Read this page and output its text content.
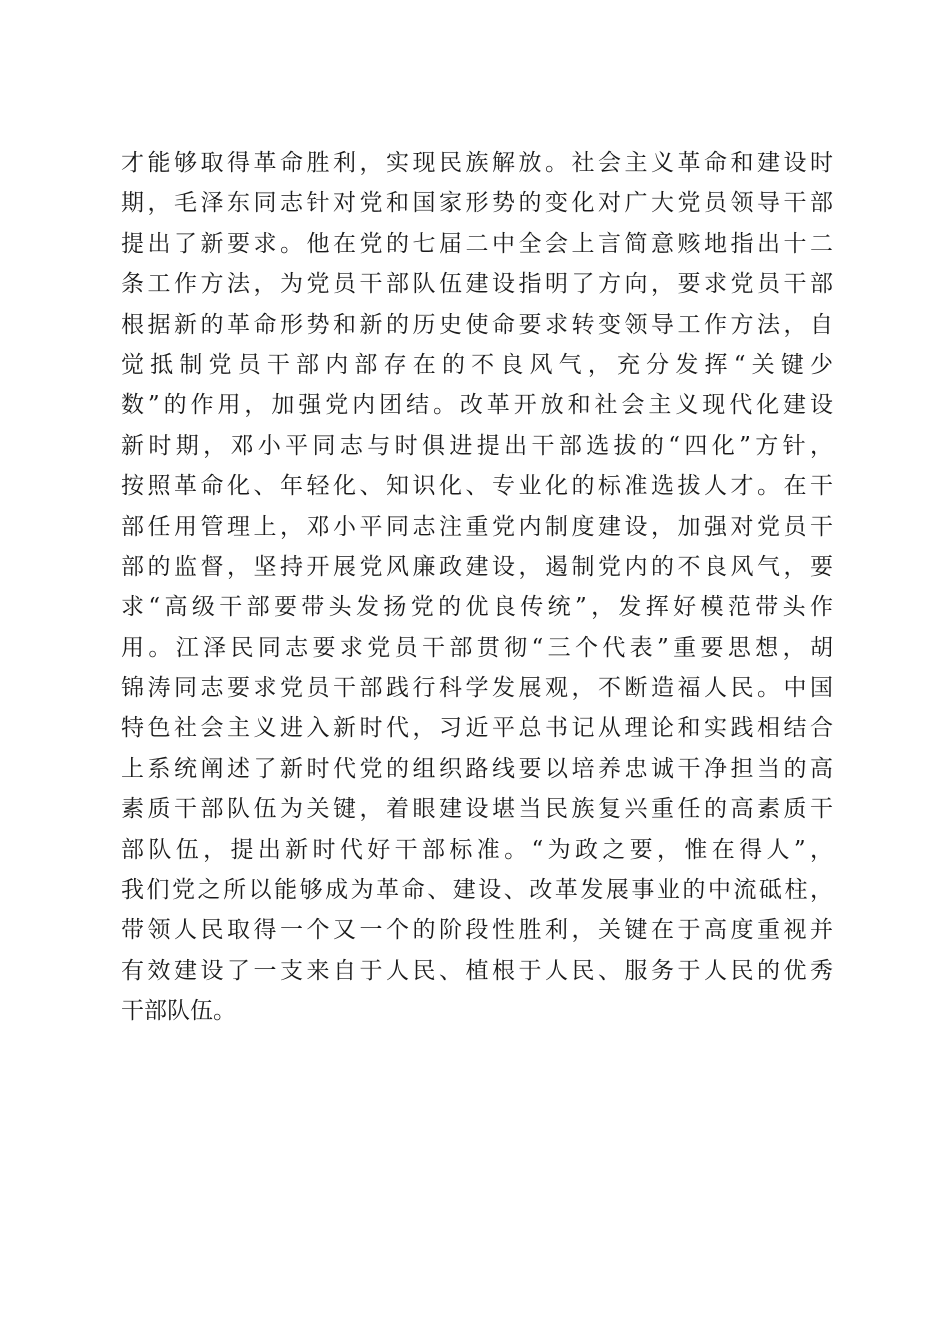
才能够取得革命胜利，实现民族解放。社会主义革命和建设时
期，毛泽东同志针对党和国家形势的变化对广大党员领导干部
提出了新要求。他在党的七届二中全会上言简意赅地指出十二
条工作方法，为党员干部队伍建设指明了方向，要求党员干部
根据新的革命形势和新的历史使命要求转变领导工作方法，自
觉抵制党员干部内部存在的不良风气，充分发挥“关键少
数”的作用，加强党内团结。改革开放和社会主义现代化建设
新时期，邓小平同志与时俱进提出干部选拔的“四化”方针，
按照革命化、年轻化、知识化、专业化的标准选拔人才。在干
部任用管理上，邓小平同志注重党内制度建设，加强对党员干
部的监督，坚持开展党风廉政建设，遏制党内的不良风气，要
求“高级干部要带头发扬党的优良传统”，发挥好模范带头作
用。江泽民同志要求党员干部贯彻“三个代表”重要思想，胡
锦涛同志要求党员干部践行科学发展观，不断造福人民。中国
特色社会主义进入新时代，习近平总书记从理论和实践相结合
上系统阐述了新时代党的组织路线要以培养忠诚干净担当的高
素质干部队伍为关键，着眼建设堪当民族复兴重任的高素质干
部队伍，提出新时代好干部标准。“为政之要，惟在得人”，
我们党之所以能够成为革命、建设、改革发展事业的中流砥柱，
带领人民取得一个又一个的阶段性胜利，关键在于高度重视并
有效建设了一支来自于人民、植根于人民、服务于人民的优秀
干部队伍。
